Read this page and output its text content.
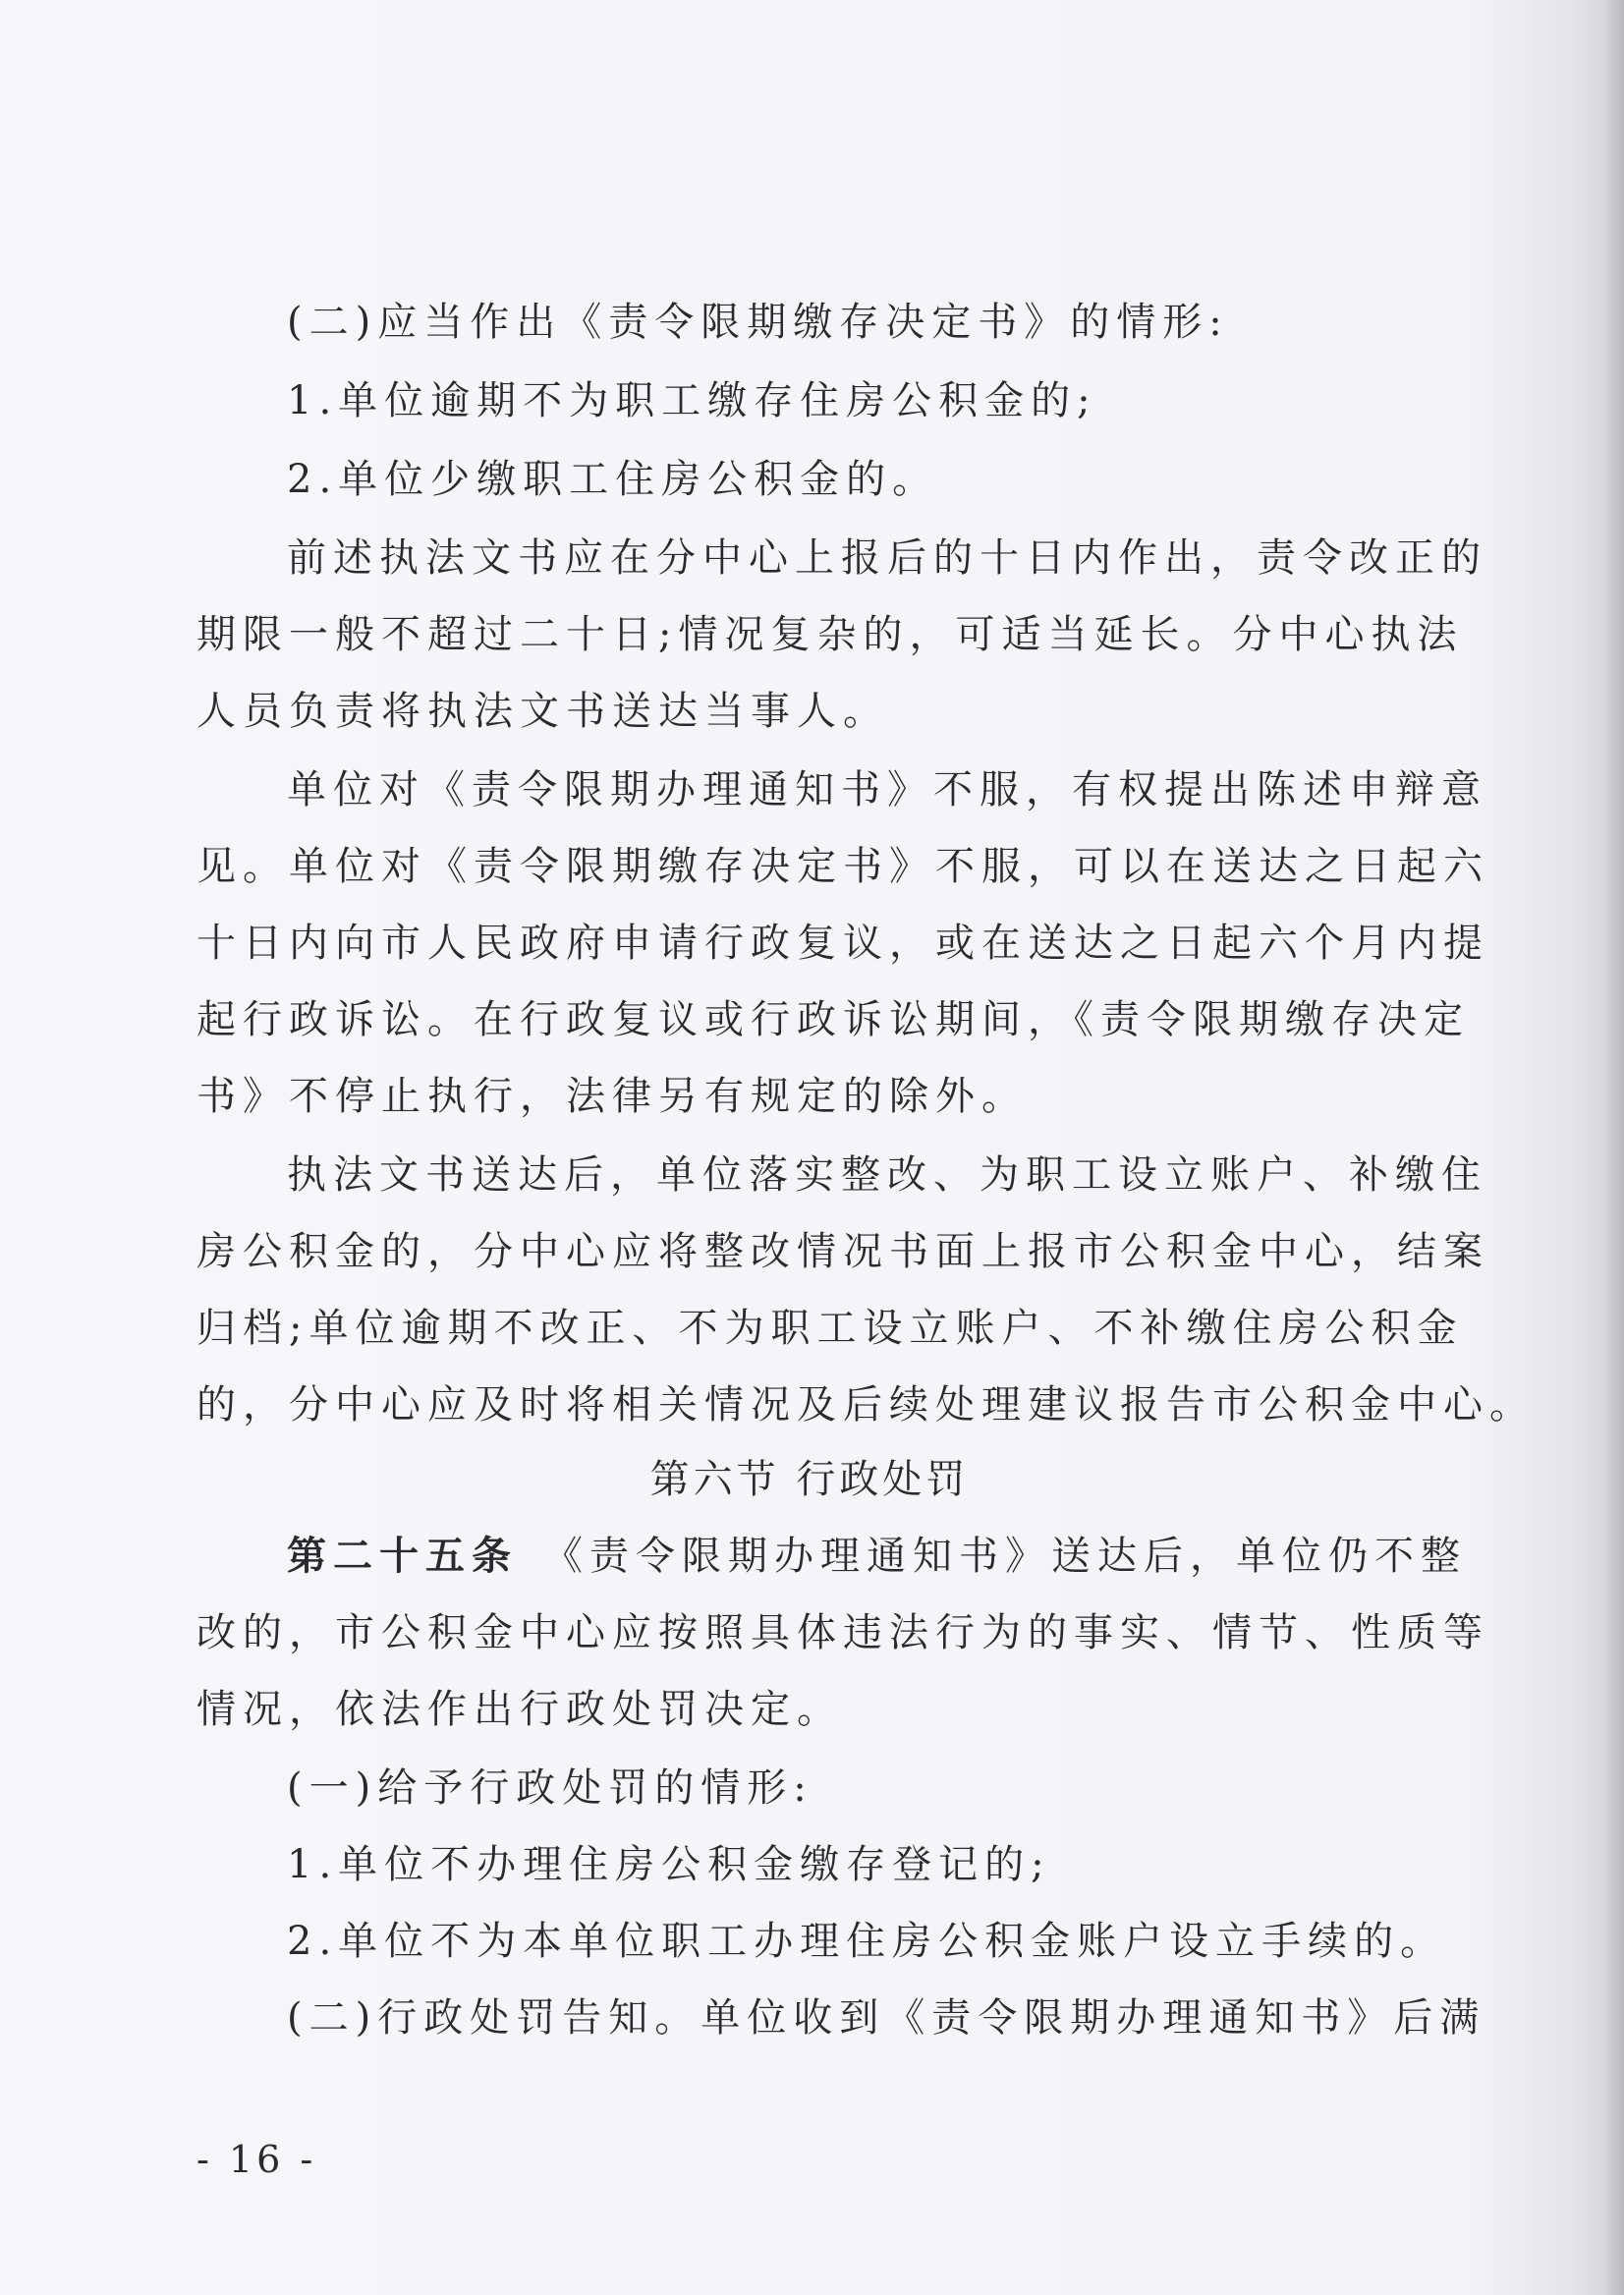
(二)应当作出《责令限期缴存决定书》的情形:
1.单位逾期不为职工缴存住房公积金的;
2.单位少缴职工住房公积金的。
前述执法文书应在分中心上报后的十日内作出，责令改正的
期限一般不超过二十日;情况复杂的，可适当延长。分中心执法
人员负责将执法文书送达当事人。
单位对《责令限期办理通知书》不服，有权提出陈述申辩意
见。单位对《责令限期缴存决定书》不服，可以在送达之日起六
十日内向市人民政府申请行政复议，或在送达之日起六个月内提
起行政诉讼。在行政复议或行政诉讼期间，《责令限期缴存决定
书》不停止执行，法律另有规定的除外。
执法文书送达后，单位落实整改、为职工设立账户、补缴住
房公积金的，分中心应将整改情况书面上报市公积金中心，结案
归档;单位逾期不改正、不为职工设立账户、不补缴住房公积金
的，分中心应及时将相关情况及后续处理建议报告市公积金中心。
第六节 行政处罚
第二十五条 《责令限期办理通知书》送达后，单位仍不整
改的，市公积金中心应按照具体违法行为的事实、情节、性质等
情况，依法作出行政处罚决定。
(一)给予行政处罚的情形:
1.单位不办理住房公积金缴存登记的;
2.单位不为本单位职工办理住房公积金账户设立手续的。
(二)行政处罚告知。单位收到《责令限期办理通知书》后满
- 16 -
